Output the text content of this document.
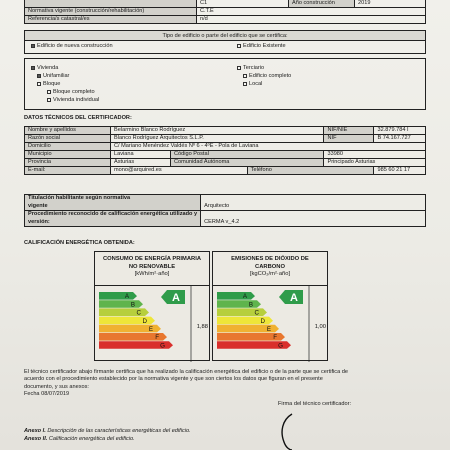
	C1	Año construcción	2019
Normativa vigente (construcción/rehabilitación)	C.T.E		
Referencia/s catastral/es	n/d		
Tipo de edificio o parte del edificio que se certifica:
Edificio de nueva construcción	Edificio Existente
Vivienda
Unifamiliar
Bloque
Bloque completo
Vivienda individual
Terciario
Edificio completo
Local
DATOS TÉCNICOS DEL CERTIFICADOR:
Nombre y apellidos	Belarmino Blanco Rodríguez			NIF/NIE	32.879.784 I
Razón social	Blanco Rodríguez Arquitectos S.L.P.			NIF	B 74.167.727
Domicilio	C/ Mariano Menéndez Valdés Nº 6 - 4ºE - Pola de Laviana				
Municipio	Laviana	Código Postal		33980	
Provincia	Asturias	Comunidad Autónoma		Principado Asturias	
E-mail:	mono@arquired.es		Teléfono		985 60 21 17
Titulación habilitante según normativa
vigente	Arquitecto

Procedimiento reconocido de calificación energética utilizado y
versión:	CERMA v_4.2
CALIFICACIÓN ENERGÉTICA OBTENIDA:
CONSUMO DE ENERGÍA PRIMARIA
NO RENOVABLE
[kWh/m²·año]
A
B
C
D
E
F
G
A
1,88
EMISIONES DE DIÓXIDO DE
CARBONO
[kgCO₂/m²·año]
A
B
C
D
E
F
G
A
1,00
El técnico certificador abajo firmante certifica que ha realizado la calificación energética del edificio o de la parte que se certifica de
acuerdo con el procedimiento establecido por la normativa vigente y que son ciertos los datos que figuran en el presente
documento, y sus anexos:
Fecha 08/07/2019
Firma del técnico certificador:
Anexo I. Descripción de las características energéticas del edificio.
Anexo II. Calificación energética del edificio.
